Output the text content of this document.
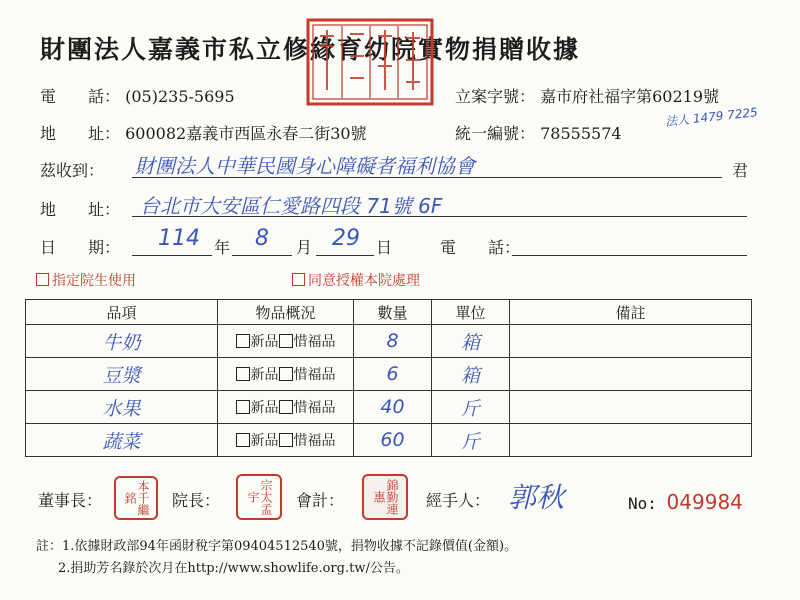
財團法人嘉義市私立修緣育幼院實物捐贈收據
電　　話： (05)235-5695	立案字號： 嘉市府社福字第60219號
法人 1479 7225
地　　址： 600082嘉義市西區永春二街30號	統一編號： 78555574
茲收到： 財團法人中華民國身心障礙者福利協會	君
地　　址： 台北市大安區仁愛路四段 71號 6F
日　　期： 114 年 8 月 29 日	電　　話：
指定院生使用	同意授權本院處理
品項	物品概況	數量	單位	備註
牛奶	新品 惜福品	8	箱	
豆漿	新品 惜福品	6	箱	
水果	新品 惜福品	40	斤	
蔬菜	新品 惜福品	60	斤	
董事長：	本千繼銘	院長：	宗太孟宇	會計：	錦勤連惠	經手人： 郭秋	No: 049984
註：1.依據財政部94年函財稅字第09404512540號，捐物收據不記錄價值(金額)。
2.捐助芳名錄於次月在http://www.showlife.org.tw/公告。
